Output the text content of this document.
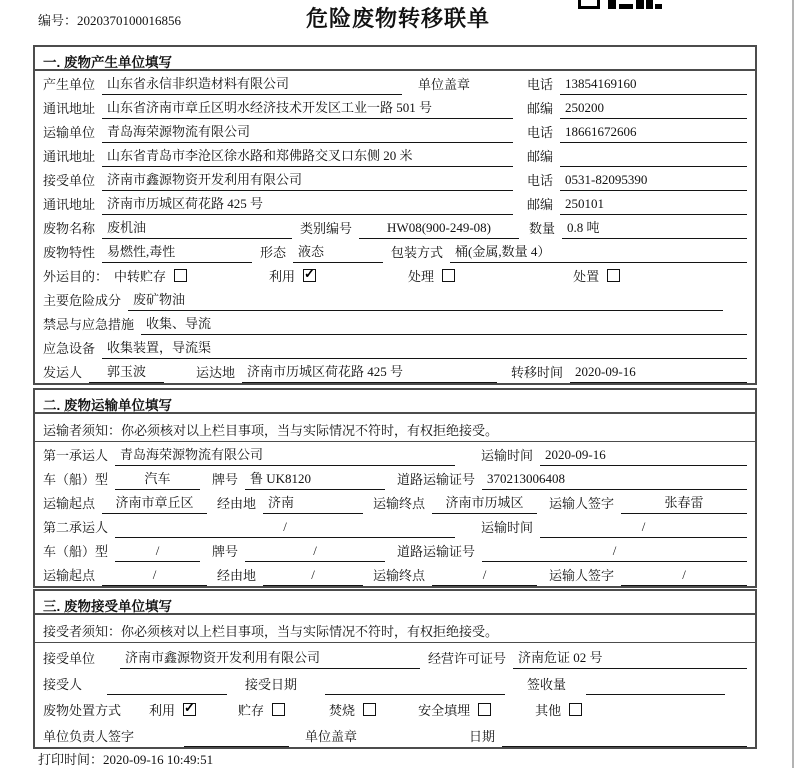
编号：2020370100016856	危险废物转移联单
一. 废物产生单位填写
产生单位 山东省永信非织造材料有限公司	单位盖章	电话 13854169160
通讯地址 山东省济南市章丘区明水经济技术开发区工业一路 501 号	邮编 250200
运输单位 青岛海荣源物流有限公司	电话 18661672606
通讯地址 山东省青岛市李沧区徐水路和郑佛路交叉口东侧 20 米	邮编
接受单位 济南市鑫源物资开发利用有限公司	电话 0531-82095390
通讯地址 济南市历城区荷花路 425 号	邮编 250101
废物名称 废机油	类别编号	HW08(900-249-08)	数量 0.8 吨
废物特性 易燃性,毒性	形态 液态	包装方式 桶(金属,数量 4）
外运目的： 中转贮存	利用 ✓	处理	处置
主要危险成分 废矿物油
禁忌与应急措施 收集、导流
应急设备 收集装置，导流渠
发运人	郭玉波	运达地 济南市历城区荷花路 425 号	转移时间 2020-09-16
二. 废物运输单位填写
运输者须知：你必须核对以上栏目事项，当与实际情况不符时，有权拒绝接受。
第一承运人 青岛海荣源物流有限公司	运输时间 2020-09-16
车（船）型	汽车	牌号 鲁 UK8120	道路运输证号 370213006408
运输起点	济南市章丘区	经由地 济南	运输终点	济南市历城区	运输人签字	张春雷
第二承运人	/	运输时间	/
车（船）型	/	牌号	/	道路运输证号	/
运输起点	/	经由地	/	运输终点	/	运输人签字	/
三. 废物接受单位填写
接受者须知：你必须核对以上栏目事项，当与实际情况不符时，有权拒绝接受。
接受单位	济南市鑫源物资开发利用有限公司	经营许可证号 济南危证 02 号
接受人	接受日期	签收量
废物处置方式 利用 ✓	贮存	焚烧	安全填埋	其他
单位负责人签字	单位盖章	日期
打印时间：2020-09-16 10:49:51
